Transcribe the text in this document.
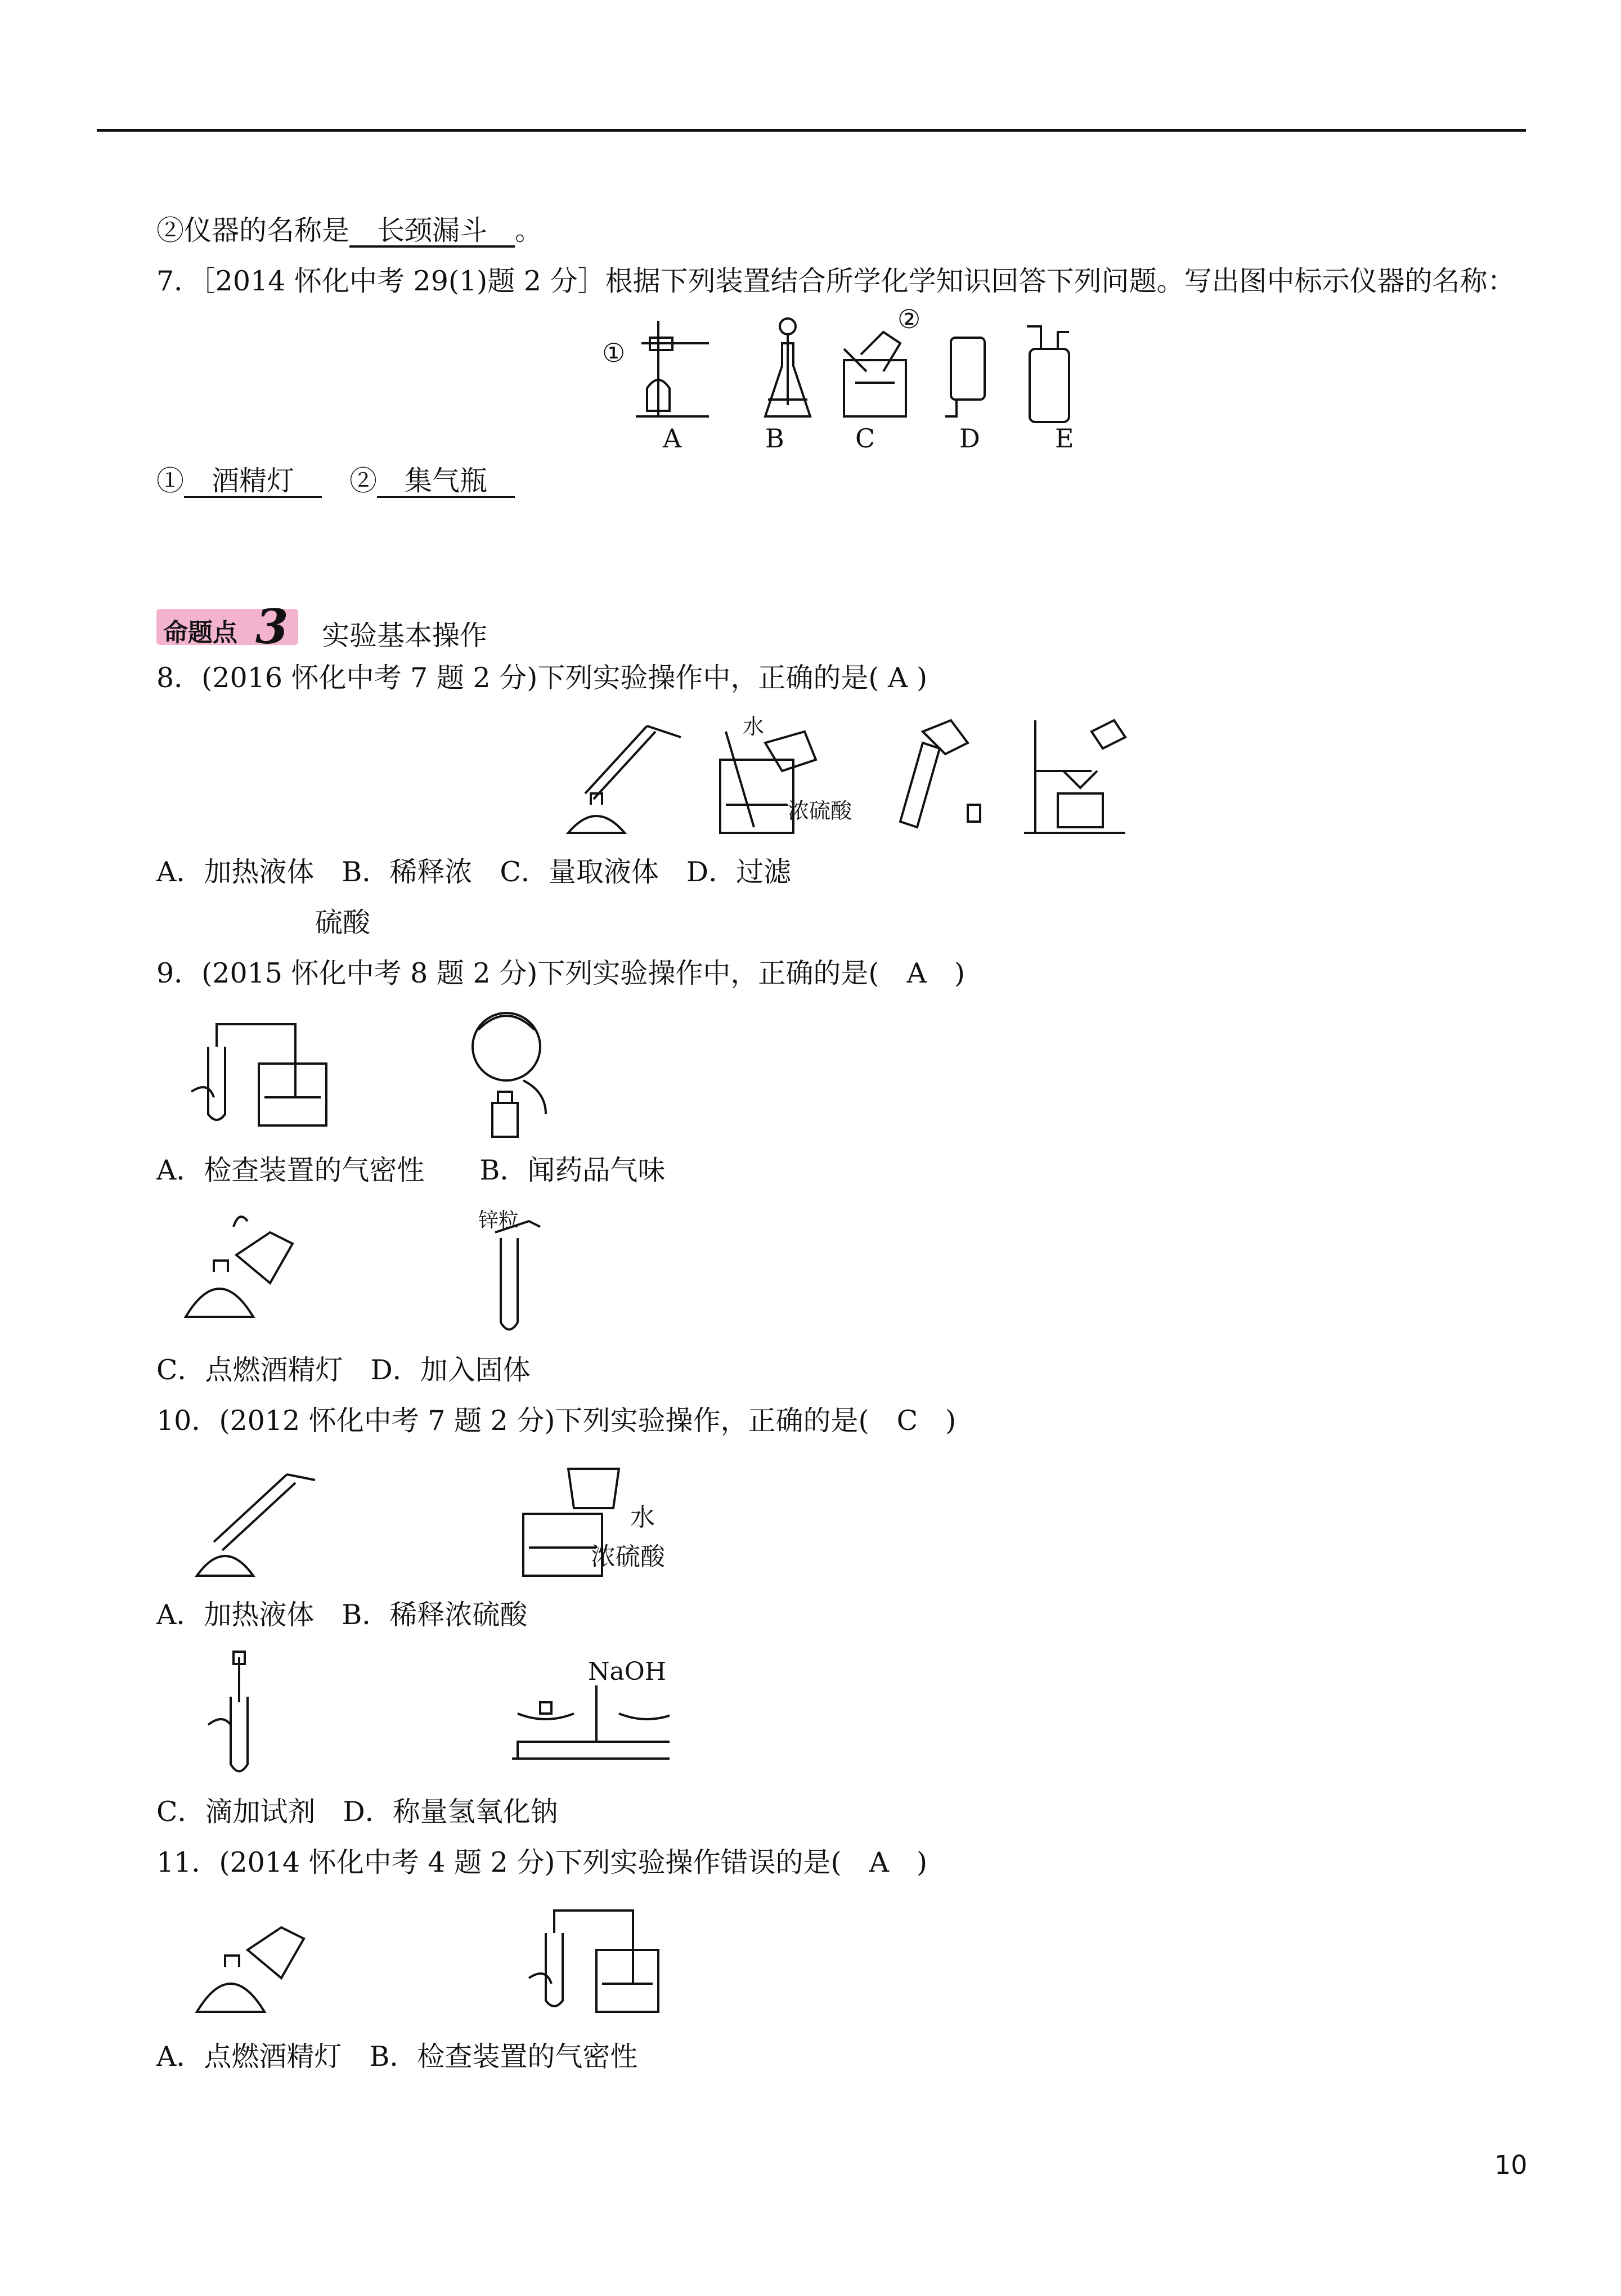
②仪器的名称是　长颈漏斗　。
7．［2014 怀化中考 29(1)题 2 分］根据下列装置结合所学化学知识回答下列问题。写出图中标示仪器的名称：
①
②
A	B	C	D	E
①　酒精灯　　②　集气瓶　
命题点 3 实验基本操作
8．(2016 怀化中考 7 题 2 分)下列实验操作中，正确的是( A )
水
浓硫酸
A．加热液体　B．稀释浓　C．量取液体　D．过滤
硫酸
9．(2015 怀化中考 8 题 2 分)下列实验操作中，正确的是(　A　)
A．检查装置的气密性　　B．闻药品气味
锌粒
C．点燃酒精灯　D．加入固体
10．(2012 怀化中考 7 题 2 分)下列实验操作，正确的是(　C　)
水
浓硫酸
A．加热液体　B．稀释浓硫酸
NaOH
C．滴加试剂　D．称量氢氧化钠
11．(2014 怀化中考 4 题 2 分)下列实验操作错误的是(　A　)
A．点燃酒精灯　B．检查装置的气密性
10
